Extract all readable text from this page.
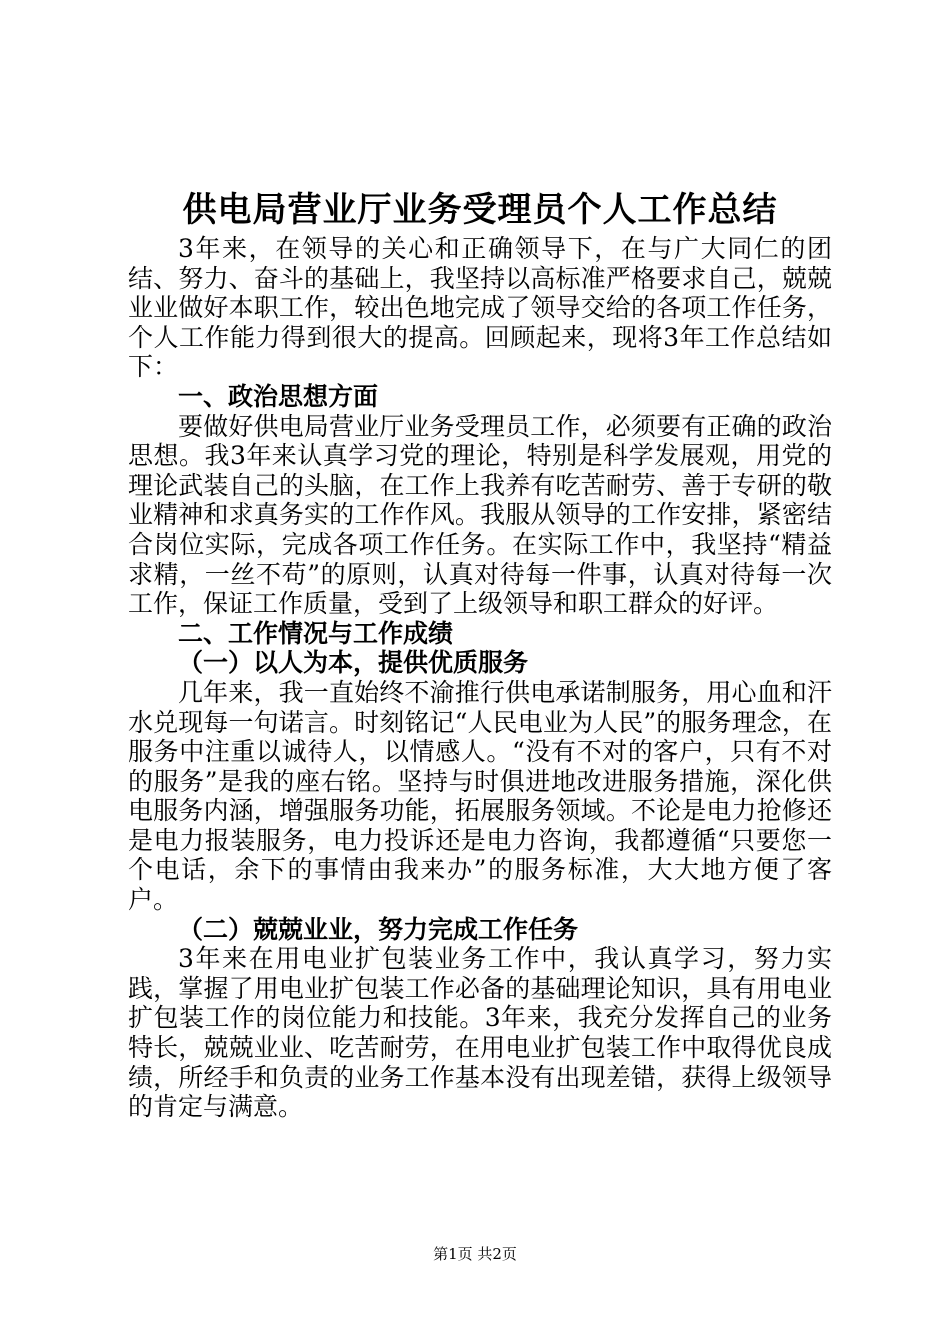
供电局营业厅业务受理员个人工作总结

3年来，在领导的关心和正确领导下，在与广大同仁的团结、努力、奋斗的基础上，我坚持以高标准严格要求自己，兢兢业业做好本职工作，较出色地完成了领导交给的各项工作任务，个人工作能力得到很大的提高。回顾起来，现将3年工作总结如下：

一、政治思想方面

要做好供电局营业厅业务受理员工作，必须要有正确的政治思想。我3年来认真学习党的理论，特别是科学发展观，用党的理论武装自己的头脑，在工作上我养有吃苦耐劳、善于专研的敬业精神和求真务实的工作作风。我服从领导的工作安排，紧密结合岗位实际，完成各项工作任务。在实际工作中，我坚持“精益求精，一丝不苟”的原则，认真对待每一件事，认真对待每一次工作，保证工作质量，受到了上级领导和职工群众的好评。

二、工作情况与工作成绩

（一）以人为本，提供优质服务

几年来，我一直始终不渝推行供电承诺制服务，用心血和汗水兑现每一句诺言。时刻铭记“人民电业为人民”的服务理念，在服务中注重以诚待人，以情感人。“没有不对的客户，只有不对的服务”是我的座右铭。坚持与时俱进地改进服务措施，深化供电服务内涵，增强服务功能，拓展服务领域。不论是电力抢修还是电力报装服务，电力投诉还是电力咨询，我都遵循“只要您一个电话，余下的事情由我来办”的服务标准，大大地方便了客户。

（二）兢兢业业，努力完成工作任务

3年来在用电业扩包装业务工作中，我认真学习，努力实践，掌握了用电业扩包装工作必备的基础理论知识，具有用电业扩包装工作的岗位能力和技能。3年来，我充分发挥自己的业务特长，兢兢业业、吃苦耐劳，在用电业扩包装工作中取得优良成绩，所经手和负责的业务工作基本没有出现差错，获得上级领导的肯定与满意。

第1页 共2页
